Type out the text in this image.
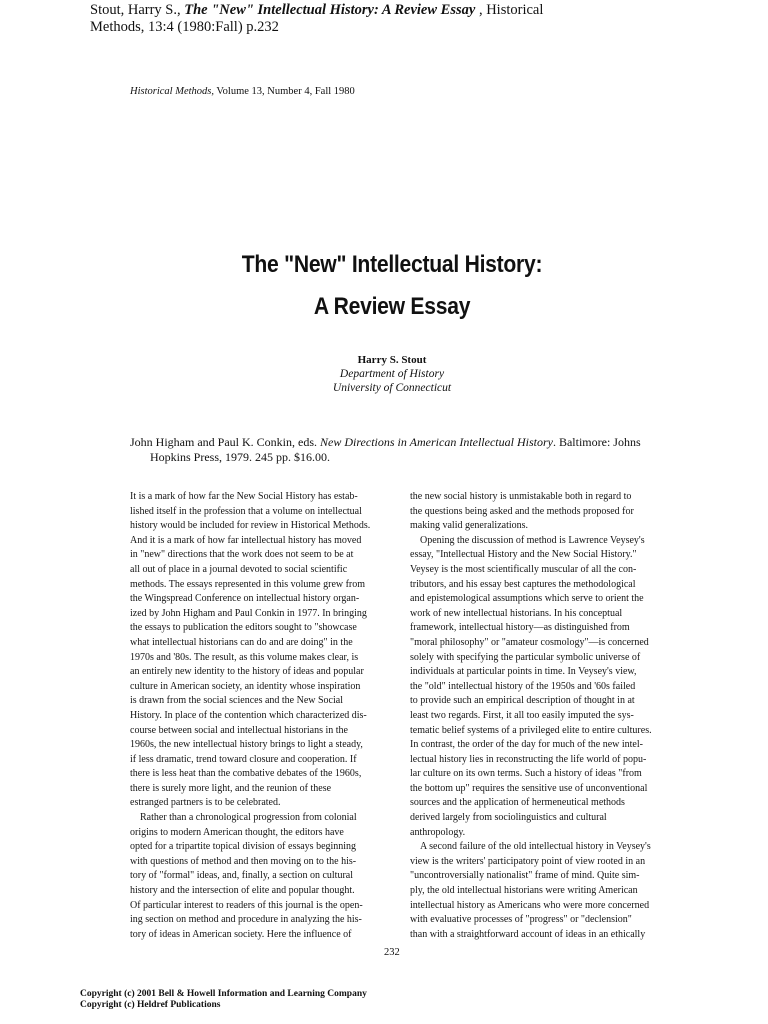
Stout, Harry S., The "New" Intellectual History: A Review Essay , Historical
Methods, 13:4 (1980:Fall) p.232
Historical Methods, Volume 13, Number 4, Fall 1980
The "New" Intellectual History:
A Review Essay
Harry S. Stout
Department of History
University of Connecticut
John Higham and Paul K. Conkin, eds. New Directions in American Intellectual History. Baltimore: Johns
Hopkins Press, 1979. 245 pp. $16.00.
It is a mark of how far the New Social History has estab-
lished itself in the profession that a volume on intellectual
history would be included for review in Historical Methods.
And it is a mark of how far intellectual history has moved
in "new" directions that the work does not seem to be at
all out of place in a journal devoted to social scientific
methods. The essays represented in this volume grew from
the Wingspread Conference on intellectual history organ-
ized by John Higham and Paul Conkin in 1977. In bringing
the essays to publication the editors sought to "showcase
what intellectual historians can do and are doing" in the
1970s and '80s. The result, as this volume makes clear, is
an entirely new identity to the history of ideas and popular
culture in American society, an identity whose inspiration
is drawn from the social sciences and the New Social
History. In place of the contention which characterized dis-
course between social and intellectual historians in the
1960s, the new intellectual history brings to light a steady,
if less dramatic, trend toward closure and cooperation. If
there is less heat than the combative debates of the 1960s,
there is surely more light, and the reunion of these
estranged partners is to be celebrated.
Rather than a chronological progression from colonial
origins to modern American thought, the editors have
opted for a tripartite topical division of essays beginning
with questions of method and then moving on to the his-
tory of "formal" ideas, and, finally, a section on cultural
history and the intersection of elite and popular thought.
Of particular interest to readers of this journal is the open-
ing section on method and procedure in analyzing the his-
tory of ideas in American society. Here the influence of
the new social history is unmistakable both in regard to
the questions being asked and the methods proposed for
making valid generalizations.
Opening the discussion of method is Lawrence Veysey's
essay, "Intellectual History and the New Social History."
Veysey is the most scientifically muscular of all the con-
tributors, and his essay best captures the methodological
and epistemological assumptions which serve to orient the
work of new intellectual historians. In his conceptual
framework, intellectual history—as distinguished from
"moral philosophy" or "amateur cosmology"—is concerned
solely with specifying the particular symbolic universe of
individuals at particular points in time. In Veysey's view,
the "old" intellectual history of the 1950s and '60s failed
to provide such an empirical description of thought in at
least two regards. First, it all too easily imputed the sys-
tematic belief systems of a privileged elite to entire cultures.
In contrast, the order of the day for much of the new intel-
lectual history lies in reconstructing the life world of popu-
lar culture on its own terms. Such a history of ideas "from
the bottom up" requires the sensitive use of unconventional
sources and the application of hermeneutical methods
derived largely from sociolinguistics and cultural
anthropology.
A second failure of the old intellectual history in Veysey's
view is the writers' participatory point of view rooted in an
"uncontroversially nationalist" frame of mind. Quite sim-
ply, the old intellectual historians were writing American
intellectual history as Americans who were more concerned
with evaluative processes of "progress" or "declension"
than with a straightforward account of ideas in an ethically
232
Copyright (c) 2001 Bell & Howell Information and Learning Company
Copyright (c) Heldref Publications
